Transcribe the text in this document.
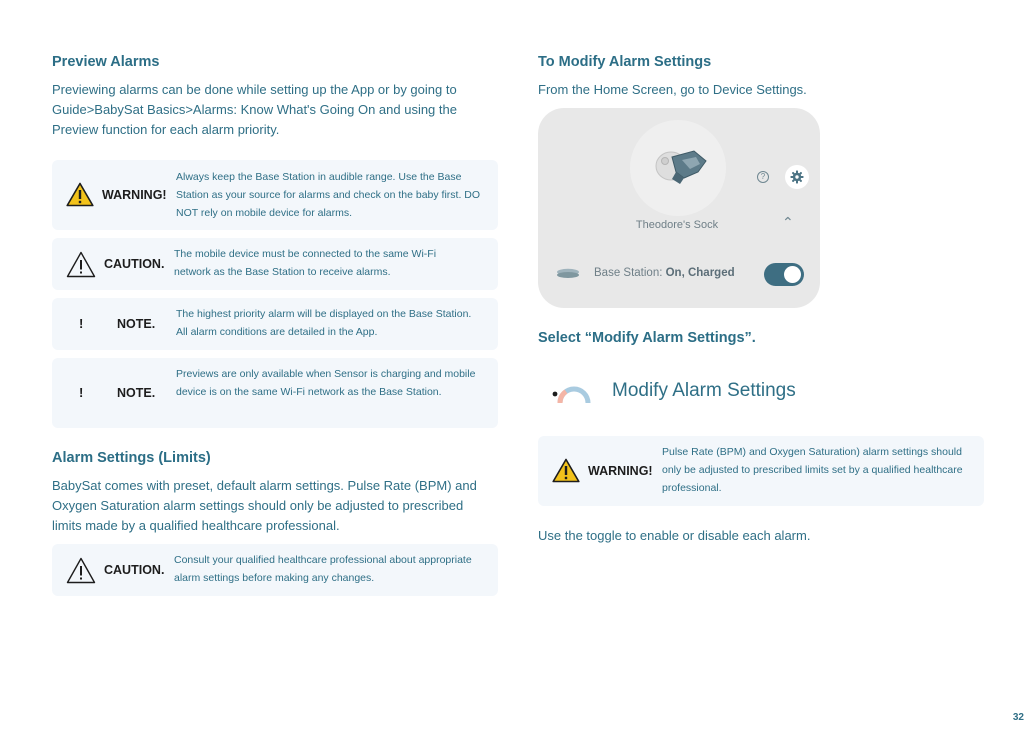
Preview Alarms
Previewing alarms can be done while setting up the App or by going to Guide>BabySat Basics>Alarms: Know What's Going On and using the Preview function for each alarm priority.
WARNING!
Always keep the Base Station in audible range. Use the Base Station as your source for alarms and check on the baby first. DO NOT rely on mobile device for alarms.
CAUTION.
The mobile device must be connected to the same Wi-Fi network as the Base Station to receive alarms.
!	NOTE.
The highest priority alarm will be displayed on the Base Station. All alarm conditions are detailed in the App.
!	NOTE.
Previews are only available when Sensor is charging and mobile device is on the same Wi-Fi network as the Base Station.
Alarm Settings (Limits)
BabySat comes with preset, default alarm settings. Pulse Rate (BPM) and Oxygen Saturation alarm settings should only be adjusted to prescribed limits made by a qualified healthcare professional.
CAUTION.
Consult your qualified healthcare professional about appropriate alarm settings before making any changes.
To Modify Alarm Settings
From the Home Screen, go to Device Settings.
?
Theodore's Sock	⌃
Base Station: On, Charged
Select “Modify Alarm Settings”.
Modify Alarm Settings
WARNING!
Pulse Rate (BPM) and Oxygen Saturation) alarm settings should only be adjusted to prescribed limits set by a qualified healthcare professional.
Use the toggle to enable or disable each alarm.
32
